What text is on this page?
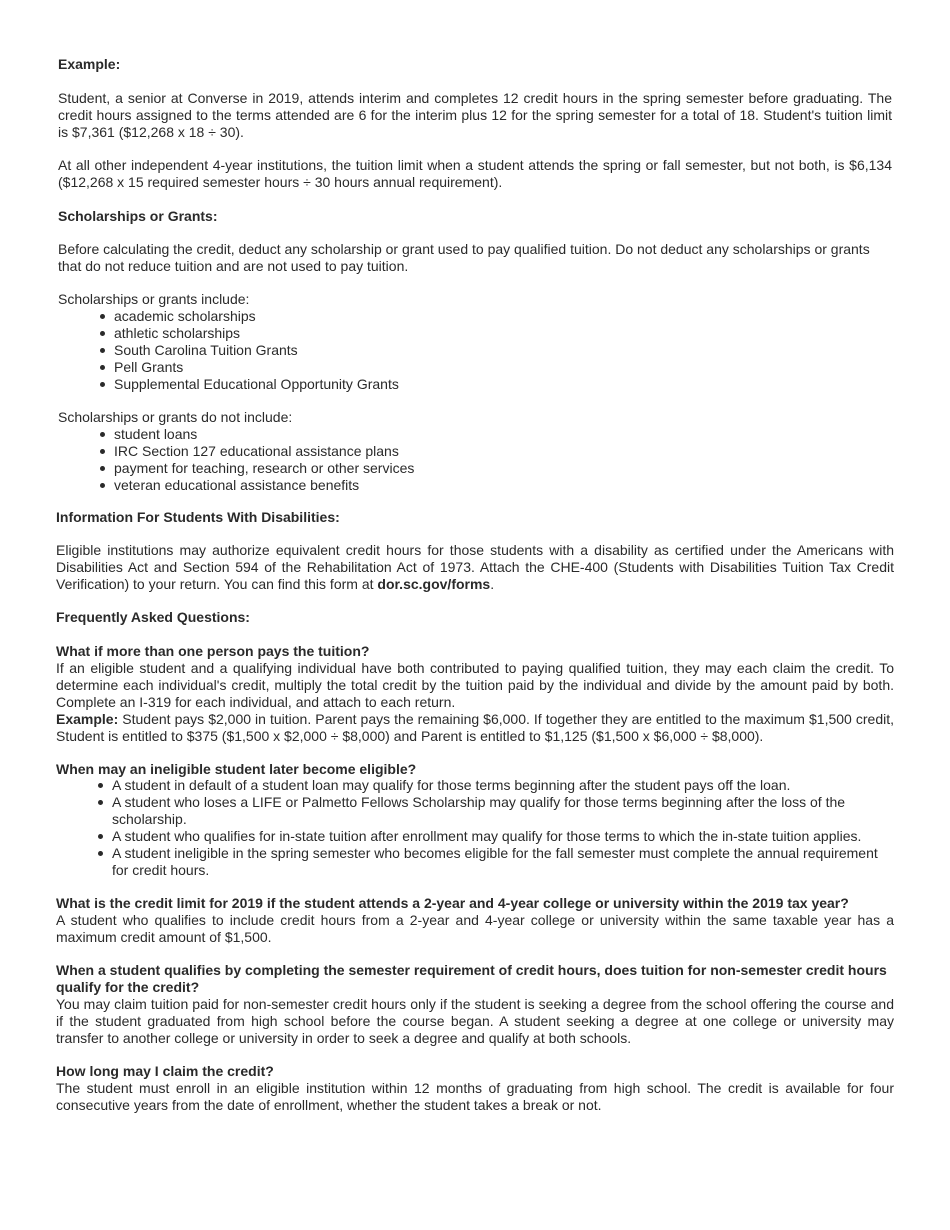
Example:

Student, a senior at Converse in 2019, attends interim and completes 12 credit hours in the spring semester before graduating. The credit hours assigned to the terms attended are 6 for the interim plus 12 for the spring semester for a total of 18. Student's tuition limit is $7,361 ($12,268 x 18 ÷ 30).

At all other independent 4-year institutions, the tuition limit when a student attends the spring or fall semester, but not both, is $6,134 ($12,268 x 15 required semester hours ÷ 30 hours annual requirement).

Scholarships or Grants:

Before calculating the credit, deduct any scholarship or grant used to pay qualified tuition. Do not deduct any scholarships or grants that do not reduce tuition and are not used to pay tuition.

Scholarships or grants include:

academic scholarships
athletic scholarships
South Carolina Tuition Grants
Pell Grants
Supplemental Educational Opportunity Grants

Scholarships or grants do not include:

student loans
IRC Section 127 educational assistance plans
payment for teaching, research or other services
veteran educational assistance benefits

Information For Students With Disabilities:

Eligible institutions may authorize equivalent credit hours for those students with a disability as certified under the Americans with Disabilities Act and Section 594 of the Rehabilitation Act of 1973. Attach the CHE-400 (Students with Disabilities Tuition Tax Credit Verification) to your return. You can find this form at dor.sc.gov/forms.

Frequently Asked Questions:

What if more than one person pays the tuition?

If an eligible student and a qualifying individual have both contributed to paying qualified tuition, they may each claim the credit. To determine each individual's credit, multiply the total credit by the tuition paid by the individual and divide by the amount paid by both. Complete an I-319 for each individual, and attach to each return.

Example: Student pays $2,000 in tuition. Parent pays the remaining $6,000. If together they are entitled to the maximum $1,500 credit, Student is entitled to $375 ($1,500 x $2,000 ÷ $8,000) and Parent is entitled to $1,125 ($1,500 x $6,000 ÷ $8,000).

When may an ineligible student later become eligible?

A student in default of a student loan may qualify for those terms beginning after the student pays off the loan.
A student who loses a LIFE or Palmetto Fellows Scholarship may qualify for those terms beginning after the loss of the scholarship.
A student who qualifies for in-state tuition after enrollment may qualify for those terms to which the in-state tuition applies.
A student ineligible in the spring semester who becomes eligible for the fall semester must complete the annual requirement for credit hours.

What is the credit limit for 2019 if the student attends a 2-year and 4-year college or university within the 2019 tax year?

A student who qualifies to include credit hours from a 2-year and 4-year college or university within the same taxable year has a maximum credit amount of $1,500.

When a student qualifies by completing the semester requirement of credit hours, does tuition for non-semester credit hours qualify for the credit?

You may claim tuition paid for non-semester credit hours only if the student is seeking a degree from the school offering the course and if the student graduated from high school before the course began. A student seeking a degree at one college or university may transfer to another college or university in order to seek a degree and qualify at both schools.

How long may I claim the credit?

The student must enroll in an eligible institution within 12 months of graduating from high school. The credit is available for four consecutive years from the date of enrollment, whether the student takes a break or not.
